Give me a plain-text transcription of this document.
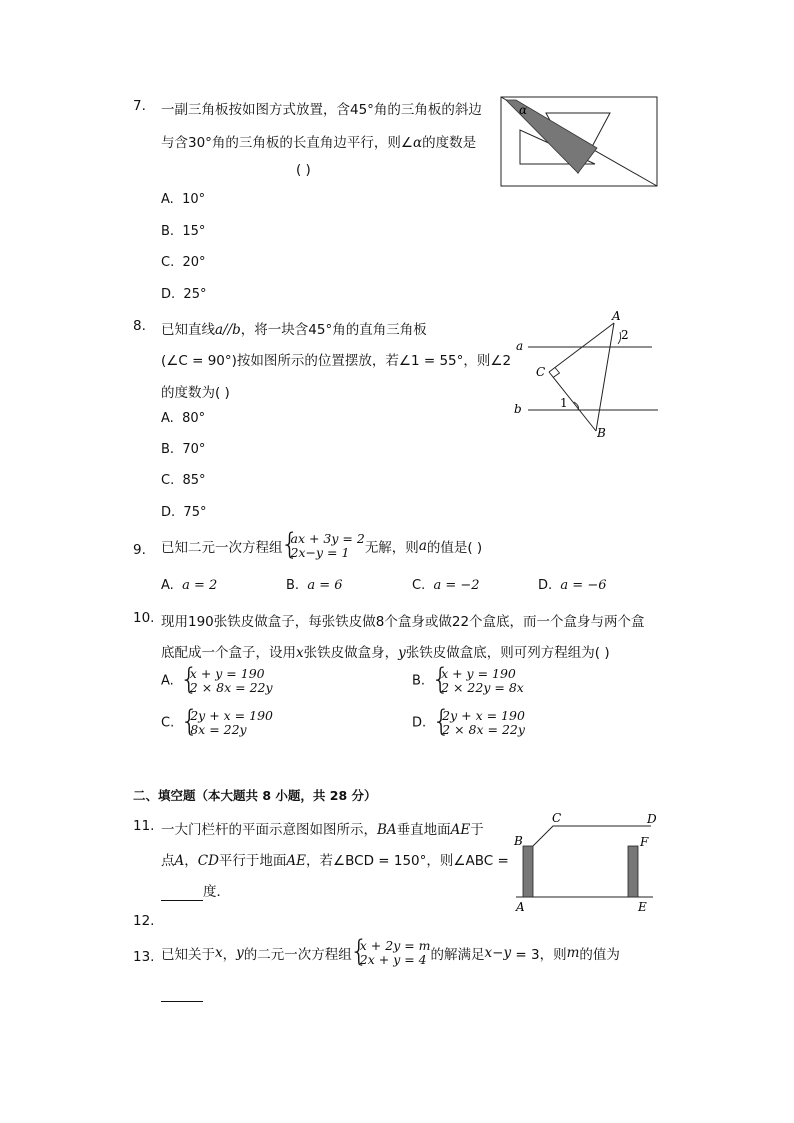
7. 一副三角板按如图方式放置，含45°角的三角板的斜边
与含30°角的三角板的长直角边平行，则∠α的度数是
( )
α
A. 10°
B. 15°
C. 20°
D. 25°
8. 已知直线a//b，将一块含45°角的直角三角板
(∠C = 90°)按如图所示的位置摆放，若∠1 = 55°，则∠2
的度数为( )
a
b
A
B
C
1
2
A. 80°
B. 70°
C. 85°
D. 75°
9. 已知二元一次方程组
{ ax + 3y = 2
2x−y = 1	无解，则a的值是( )
A. a = 2	B. a = 6	C. a = −2	D. a = −6
10. 现用190张铁皮做盒子，每张铁皮做8个盒身或做22个盒底，而一个盒身与两个盒
底配成一个盒子，设用x张铁皮做盒身，y张铁皮做盒底，则可列方程组为( )
A. { x + y = 190
2 × 8x = 22y	B. { x + y = 190
2 × 22y = 8x
C. { 2y + x = 190
8x = 22y	D. { 2y + x = 190
2 × 8x = 22y
二、填空题（本大题共 8 小题，共 28 分）
11. 一大门栏杆的平面示意图如图所示，BA垂直地面AE于
点A，CD平行于地面AE，若∠BCD = 150°，则∠ABC =
度．
B
C	D
F
A	E
12.
13. 已知关于x，y的二元一次方程组
{ x + 2y = m
2x + y = 4 的解满足x−y = 3，则m的值为
